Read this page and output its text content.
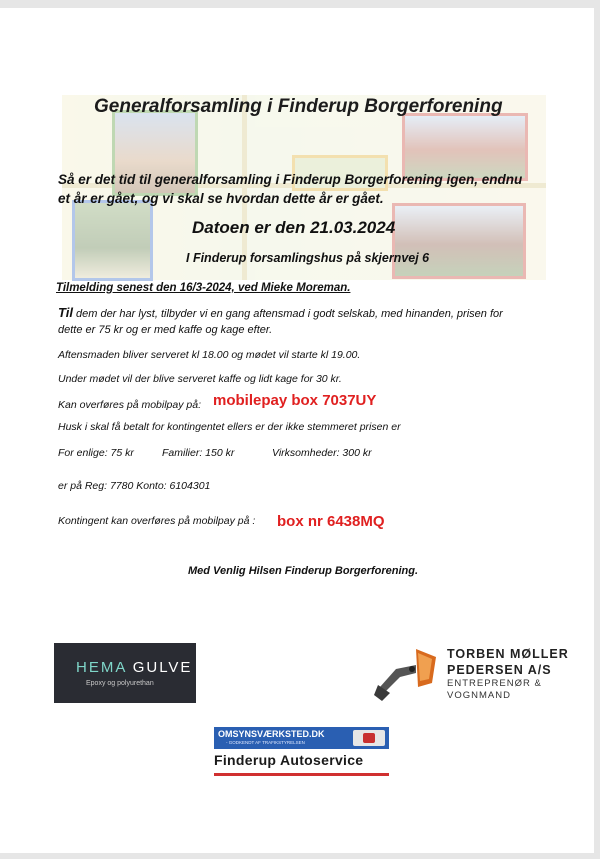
Generalforsamling i Finderup Borgerforening
Så er det tid til generalforsamling i Finderup Borgerforening igen, endnu et år er gået, og vi skal se hvordan dette år er gået.
Datoen er den 21.03.2024
I Finderup forsamlingshus på skjernvej 6
Tilmelding senest den 16/3-2024, ved Mieke Moreman.
Til dem der har lyst, tilbyder vi en gang aftensmad i godt selskab, med hinanden, prisen for dette er 75 kr og er med kaffe og kage efter.
Aftensmaden bliver serveret kl 18.00 og mødet vil starte kl 19.00.
Under mødet vil der blive serveret kaffe og lidt kage for 30 kr.
Kan overføres på mobilpay på: mobilepay box 7037UY
Husk i skal få betalt for kontingentet ellers er der ikke stemmeret prisen er
For enlige: 75 kr	Familier: 150 kr	Virksomheder: 300 kr
er på Reg: 7780 Konto: 6104301
Kontingent kan overføres på mobilpay på : box nr 6438MQ
Med Venlig Hilsen Finderup Borgerforening.
HEMA GULVE
Epoxy og polyurethan
TORBEN MØLLER
PEDERSEN A/S
ENTREPRENØR &
VOGNMAND
OMSYNSVÆRKSTED.DK
- GODKENDT AF TRAFIKSTYRELSEN
Finderup Autoservice
